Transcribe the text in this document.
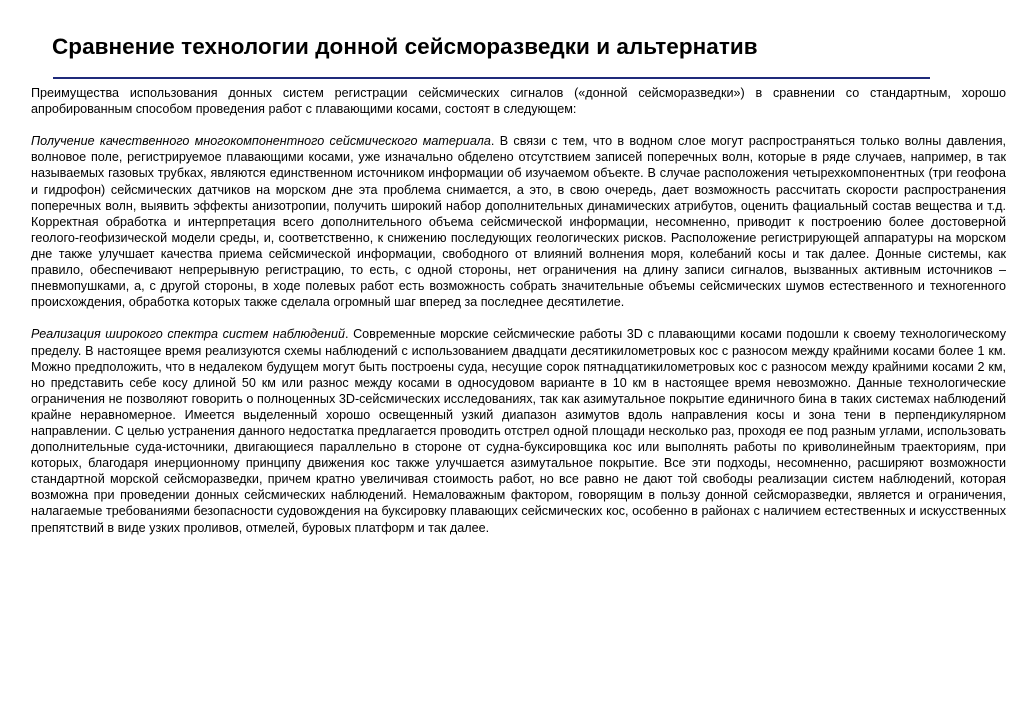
Сравнение технологии донной сейсморазведки и альтернатив

Преимущества использования донных систем регистрации сейсмических сигналов («донной сейсморазведки») в сравнении со стандартным, хорошо апробированным способом проведения работ с плавающими косами, состоят в следующем:

Получение качественного многокомпонентного сейсмического материала. В связи с тем, что в водном слое могут распространяться только волны давления, волновое поле, регистрируемое плавающими косами, уже изначально обделено отсутствием записей поперечных волн, которые в ряде случаев, например, в так называемых газовых трубках, являются единственном источником информации об изучаемом объекте. В случае расположения четырехкомпонентных (три геофона и гидрофон) сейсмических датчиков на морском дне эта проблема снимается, а это, в свою очередь, дает возможность рассчитать скорости распространения поперечных волн, выявить эффекты анизотропии, получить широкий набор дополнительных динамических атрибутов, оценить фациальный состав вещества и т.д. Корректная обработка и интерпретация всего дополнительного объема сейсмической информации, несомненно, приводит к построению более достоверной геолого-геофизической модели среды, и, соответственно, к снижению последующих геологических рисков. Расположение регистрирующей аппаратуры на морском дне также улучшает качества приема сейсмической информации, свободного от влияний волнения моря, колебаний косы и так далее. Донные системы, как правило, обеспечивают непрерывную регистрацию, то есть, с одной стороны, нет ограничения на длину записи сигналов, вызванных активным источников – пневмопушками, а, с другой стороны, в ходе полевых работ есть возможность собрать значительные объемы сейсмических шумов естественного и техногенного происхождения, обработка которых также сделала огромный шаг вперед за последнее десятилетие.

Реализация широкого спектра систем наблюдений. Современные морские сейсмические работы 3D с плавающими косами подошли к своему технологическому пределу. В настоящее время реализуются схемы наблюдений с использованием двадцати десятикилометровых кос с разносом между крайними косами более 1 км. Можно предположить, что в недалеком будущем могут быть построены суда, несущие сорок пятнадцатикилометровых кос с разносом между крайними косами 2 км, но представить себе косу длиной 50 км или разнос между косами в односудовом варианте в 10 км в настоящее время невозможно. Данные технологические ограничения не позволяют говорить о полноценных 3D-сейсмических исследованиях, так как азимутальное покрытие единичного бина в таких системах наблюдений крайне неравномерное. Имеется выделенный хорошо освещенный узкий диапазон азимутов вдоль направления косы и зона тени в перпендикулярном направлении. С целью устранения данного недостатка предлагается проводить отстрел одной площади несколько раз, проходя ее под разным углами, использовать дополнительные суда-источники, двигающиеся параллельно в стороне от судна-буксировщика кос или выполнять работы по криволинейным траекториям, при которых, благодаря инерционному принципу движения кос также улучшается азимутальное покрытие. Все эти подходы, несомненно, расширяют возможности стандартной морской сейсморазведки, причем кратно увеличивая стоимость работ, но все равно не дают той свободы реализации систем наблюдений, которая возможна при проведении донных сейсмических наблюдений. Немаловажным фактором, говорящим в пользу донной сейсморазведки, является и ограничения, налагаемые требованиями безопасности судовождения на буксировку плавающих сейсмических кос, особенно в районах с наличием естественных и искусственных препятствий в виде узких проливов, отмелей, буровых платформ и так далее.
